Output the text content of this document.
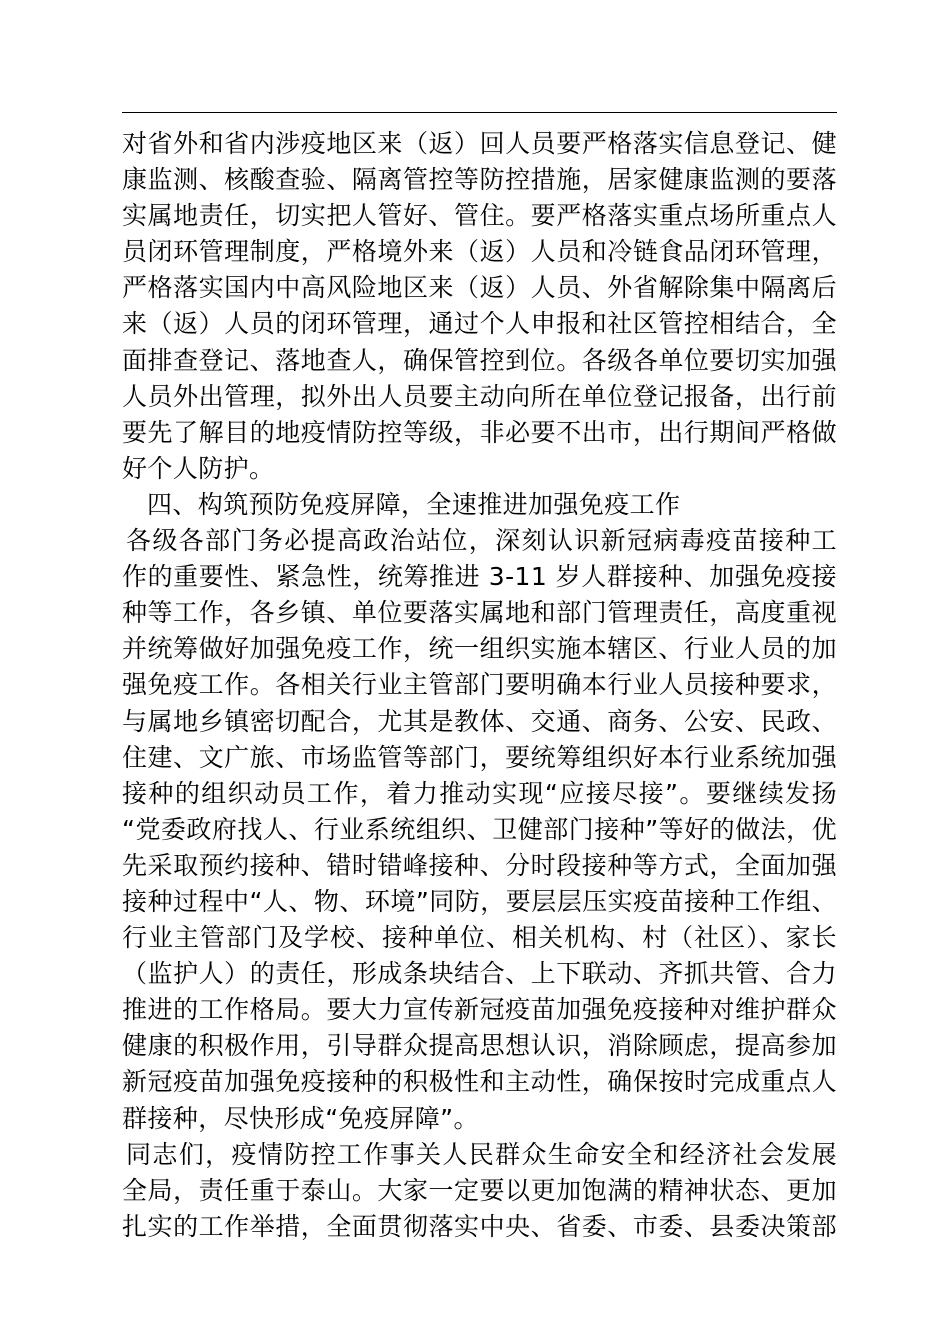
对省外和省内涉疫地区来（返）回人员要严格落实信息登记、健
康监测、核酸查验、隔离管控等防控措施，居家健康监测的要落
实属地责任，切实把人管好、管住。要严格落实重点场所重点人
员闭环管理制度，严格境外来（返）人员和冷链食品闭环管理，
严格落实国内中高风险地区来（返）人员、外省解除集中隔离后
来（返）人员的闭环管理，通过个人申报和社区管控相结合，全
面排查登记、落地查人，确保管控到位。各级各单位要切实加强
人员外出管理，拟外出人员要主动向所在单位登记报备，出行前
要先了解目的地疫情防控等级，非必要不出市，出行期间严格做
好个人防护。
四、构筑预防免疫屏障，全速推进加强免疫工作
各级各部门务必提高政治站位，深刻认识新冠病毒疫苗接种工
作的重要性、紧急性，统筹推进 3-11 岁人群接种、加强免疫接
种等工作，各乡镇、单位要落实属地和部门管理责任，高度重视
并统筹做好加强免疫工作，统一组织实施本辖区、行业人员的加
强免疫工作。各相关行业主管部门要明确本行业人员接种要求，
与属地乡镇密切配合，尤其是教体、交通、商务、公安、民政、
住建、文广旅、市场监管等部门，要统筹组织好本行业系统加强
接种的组织动员工作，着力推动实现“应接尽接”。要继续发扬
“党委政府找人、行业系统组织、卫健部门接种”等好的做法，优
先采取预约接种、错时错峰接种、分时段接种等方式，全面加强
接种过程中“人、物、环境”同防，要层层压实疫苗接种工作组、
行业主管部门及学校、接种单位、相关机构、村（社区）、家长
（监护人）的责任，形成条块结合、上下联动、齐抓共管、合力
推进的工作格局。要大力宣传新冠疫苗加强免疫接种对维护群众
健康的积极作用，引导群众提高思想认识，消除顾虑，提高参加
新冠疫苗加强免疫接种的积极性和主动性，确保按时完成重点人
群接种，尽快形成“免疫屏障”。
同志们，疫情防控工作事关人民群众生命安全和经济社会发展
全局，责任重于泰山。大家一定要以更加饱满的精神状态、更加
扎实的工作举措，全面贯彻落实中央、省委、市委、县委决策部
